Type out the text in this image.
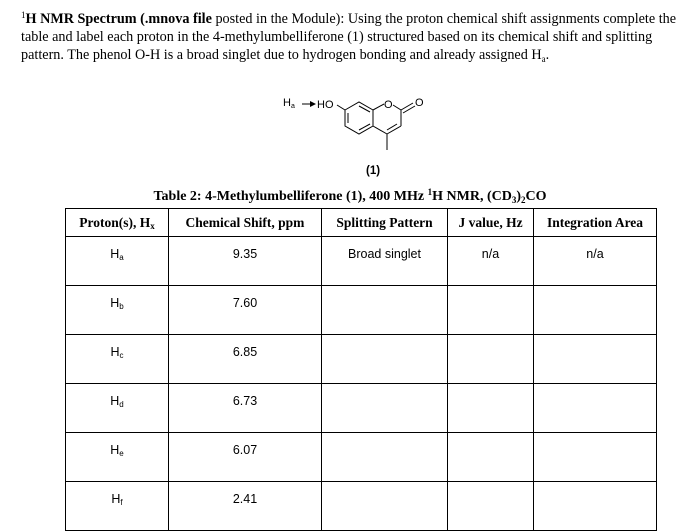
$^1$H NMR Spectrum (.mnova file posted in the Module): Using the proton chemical shift assignments complete the table and label each proton in the 4-methylumbelliferone (1) structured based on its chemical shift and splitting pattern. The phenol O-H is a broad singlet due to hydrogen bonding and already assigned $H_a$.
Ha HO	O O
(1)
Table 2: 4-Methylumbelliferone (1), 400 MHz $^1$H NMR, $(CD_3)_2CO$
Proton(s), $H_x$	Chemical Shift, ppm	Splitting Pattern	J value, Hz	Integration Area
$H_a$	9.35	Broad singlet	n/a	n/a
$H_b$	7.60			
$H_c$	6.85			
$H_d$	6.73			
$H_e$	6.07			
$H_f$	2.41			
